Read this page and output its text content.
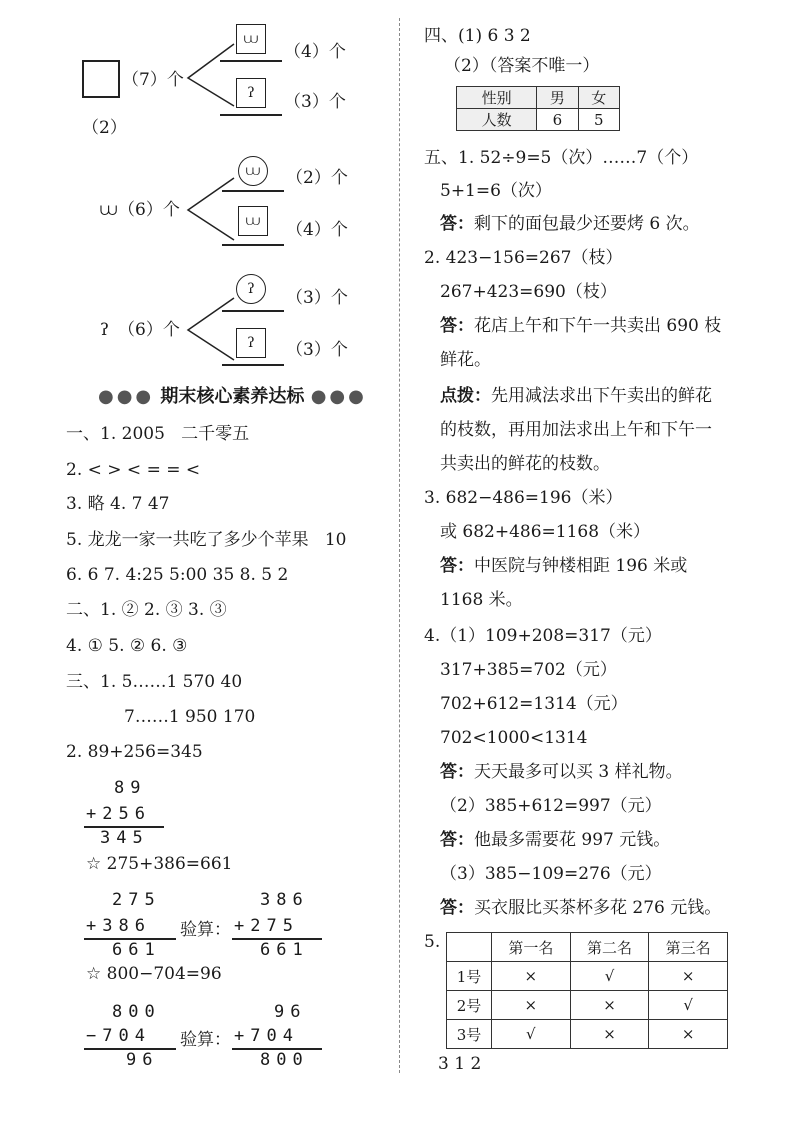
（7）个
⩊
（4）个
ʔ （3）个
（2）
⩊ （6）个
⩊ （2）个
⩊ （4）个
ʔ （6）个
ʔ （3）个
ʔ （3）个
●●● 期末核心素养达标 ●●●
一、1. 2005 二千零五
2. < > < = = <
3. 略 4. 7 47
5. 龙龙一家一共吃了多少个苹果 10
6. 6 7. 4:25 5:00 35 8. 5 2
二、1. ② 2. ③ 3. ③
4. ① 5. ② 6. ③
三、1. 5……1 570 40
7……1 950 170
2. 89+256=345
89
+256
345
☆ 275+386=661
275
+386
661
验算：
386
+275
661
☆ 800−704=96
800
−704
96
验算：
96
+704
800
四、(1) 6 3 2
（2）（答案不唯一）
性别	男	女
人数	6	5
五、1. 52÷9=5（次）……7（个）
5+1=6（次）
答：剩下的面包最少还要烤 6 次。
2. 423−156=267（枝）
267+423=690（枝）
答：花店上午和下午一共卖出 690 枝
鲜花。
点拨：先用减法求出下午卖出的鲜花
的枝数，再用加法求出上午和下午一
共卖出的鲜花的枝数。
3. 682−486=196（米）
或 682+486=1168（米）
答：中医院与钟楼相距 196 米或
1168 米。
4.（1）109+208=317（元）
317+385=702（元）
702+612=1314（元）
702<1000<1314
答：天天最多可以买 3 样礼物。
（2）385+612=997（元）
答：他最多需要花 997 元钱。
（3）385−109=276（元）
答：买衣服比买茶杯多花 276 元钱。
5.
		第一名	第二名	第三名
1号	×	√	×
2号	×	×	√
3号	√	×	×
3 1 2
